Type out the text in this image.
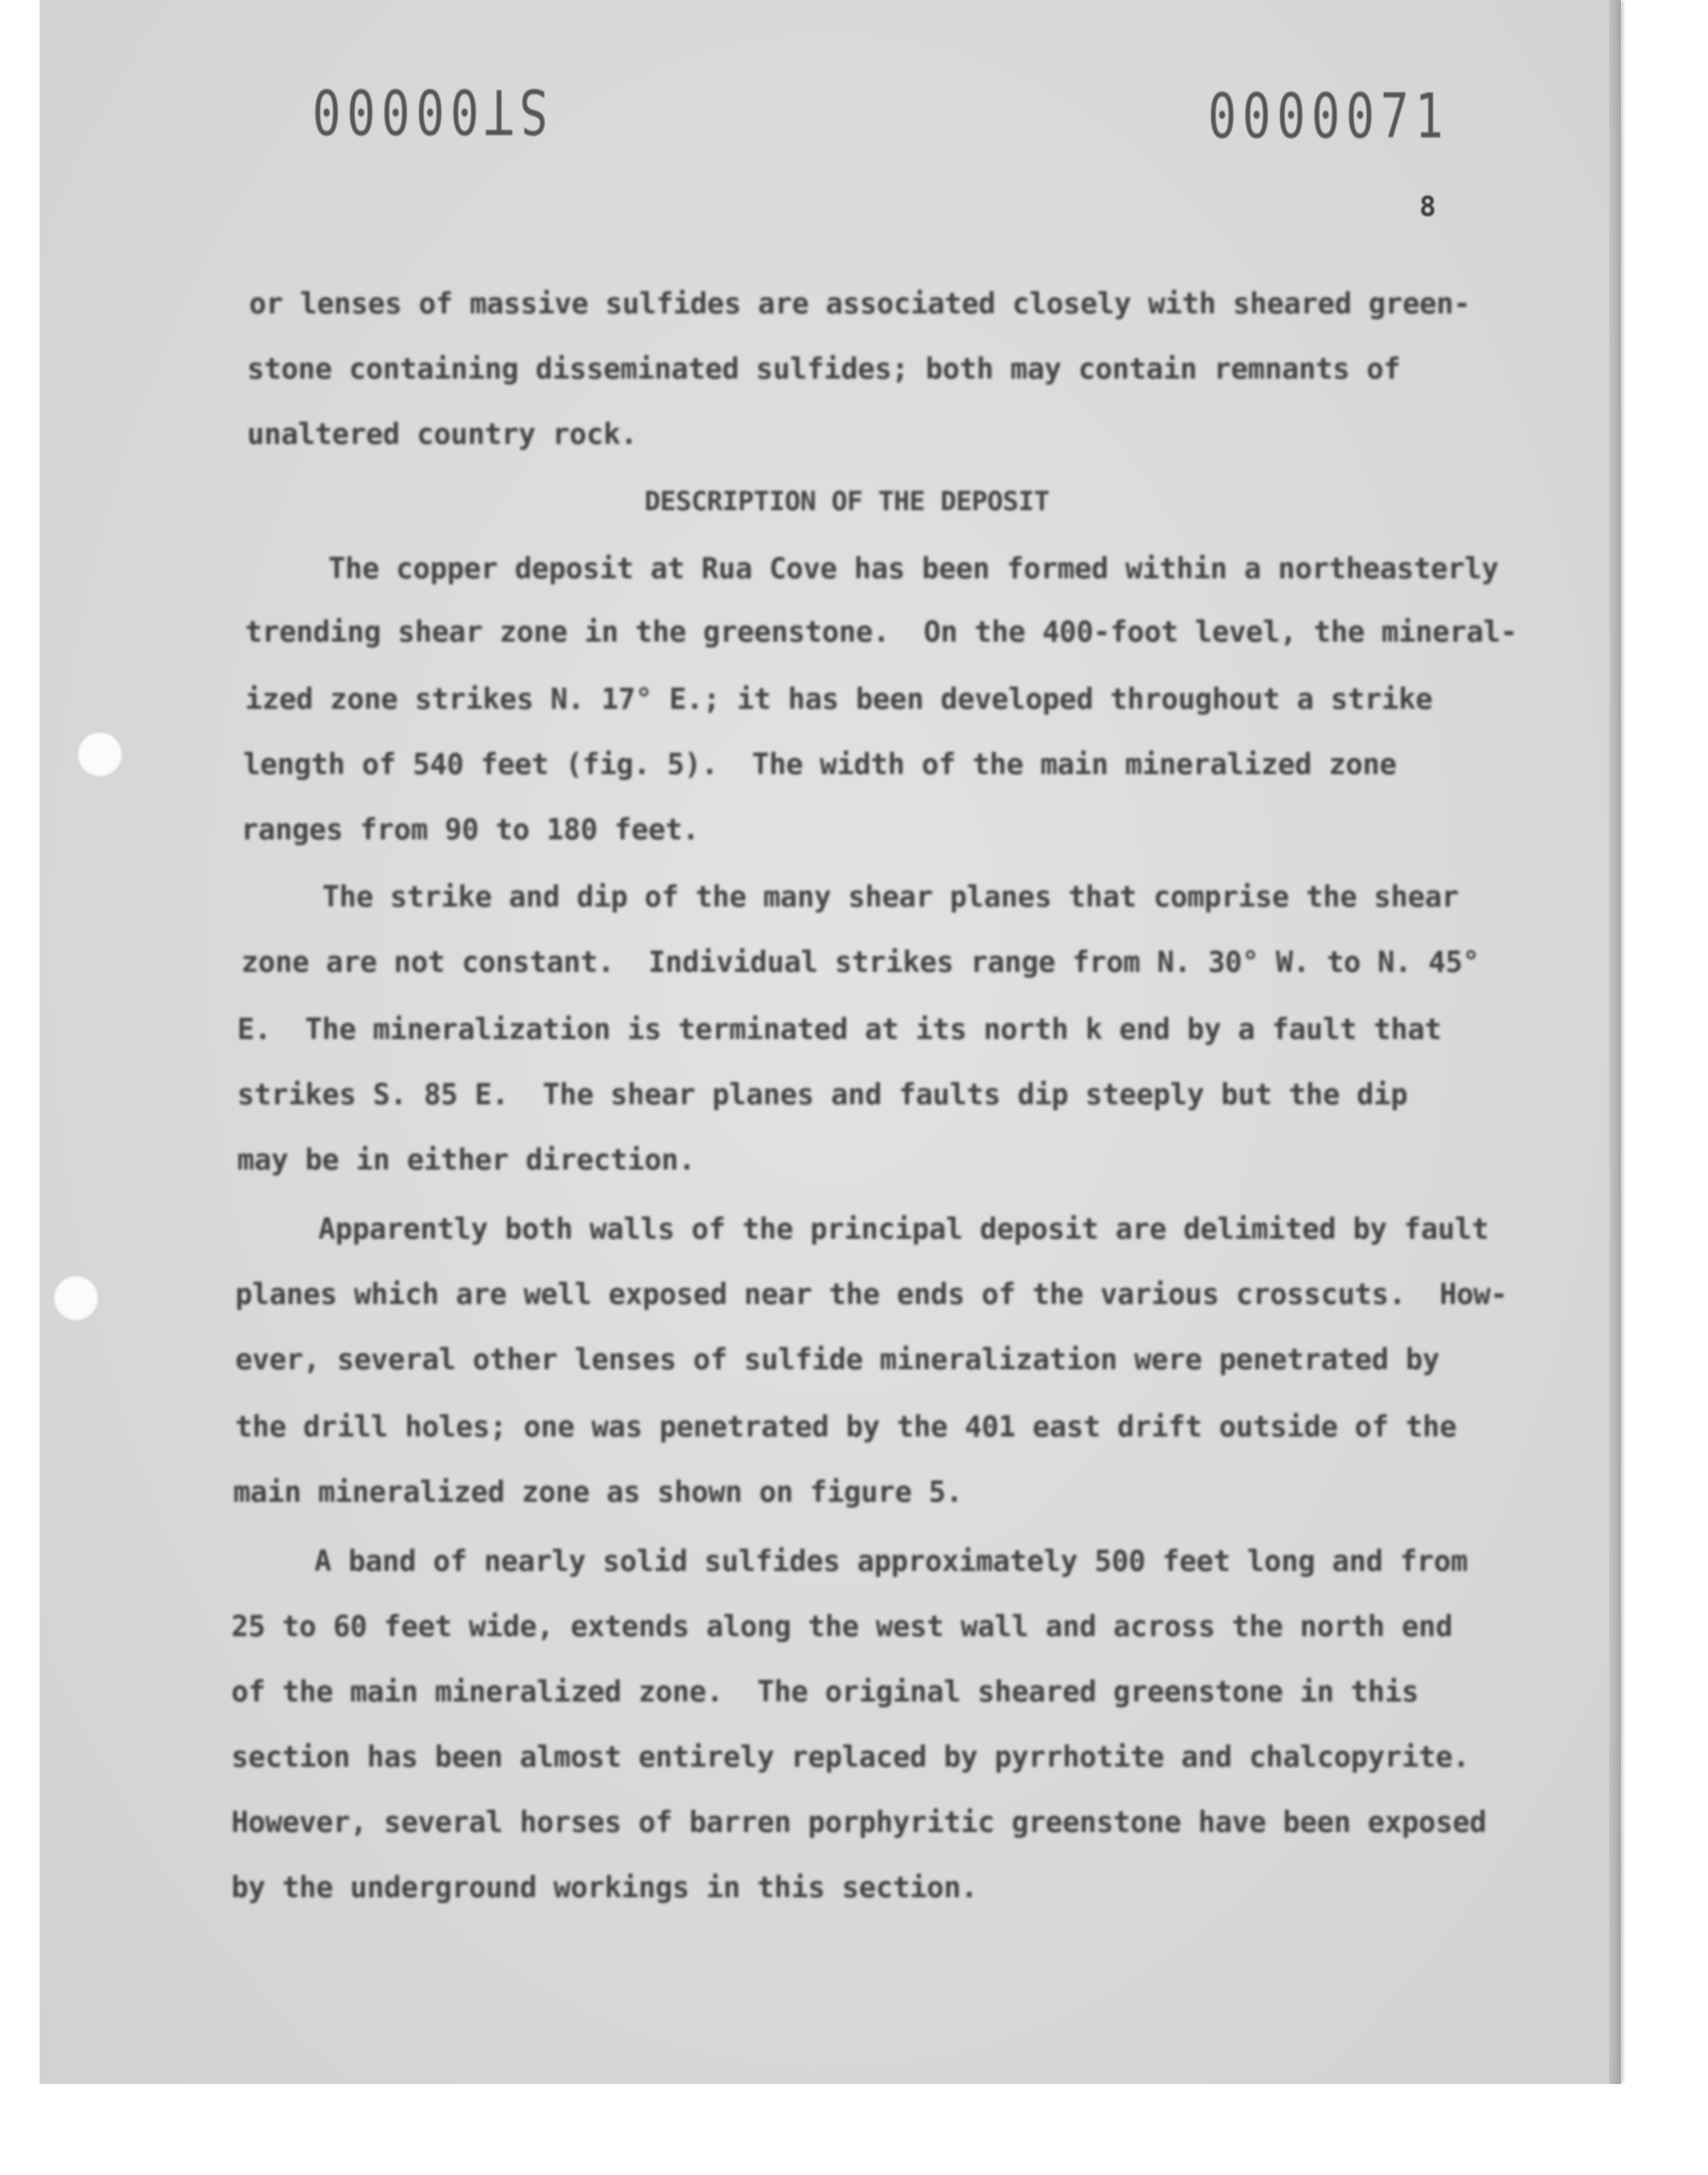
ST00000	0000071
8
or lenses of massive sulfides are associated closely with sheared green-
stone containing disseminated sulfides; both may contain remnants of
unaltered country rock.
DESCRIPTION OF THE DEPOSIT
The copper deposit at Rua Cove has been formed within a northeasterly
trending shear zone in the greenstone.  On the 400-foot level, the mineral-
ized zone strikes N. 17° E.; it has been developed throughout a strike
length of 540 feet (fig. 5).  The width of the main mineralized zone
ranges from 90 to 180 feet.
The strike and dip of the many shear planes that comprise the shear
zone are not constant.  Individual strikes range from N. 30° W. to N. 45°
E.  The mineralization is terminated at its north k end by a fault that
strikes S. 85 E.  The shear planes and faults dip steeply but the dip
may be in either direction.
Apparently both walls of the principal deposit are delimited by fault
planes which are well exposed near the ends of the various crosscuts.  How-
ever, several other lenses of sulfide mineralization were penetrated by
the drill holes; one was penetrated by the 401 east drift outside of the
main mineralized zone as shown on figure 5.
A band of nearly solid sulfides approximately 500 feet long and from
25 to 60 feet wide, extends along the west wall and across the north end
of the main mineralized zone.  The original sheared greenstone in this
section has been almost entirely replaced by pyrrhotite and chalcopyrite.
However, several horses of barren porphyritic greenstone have been exposed
by the underground workings in this section.
